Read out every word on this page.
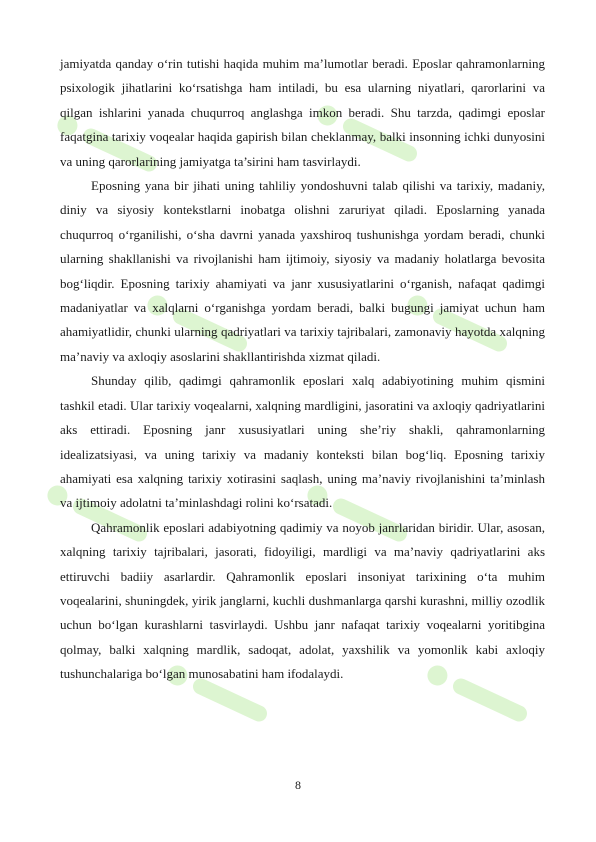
jamiyatda qanday o‘rin tutishi haqida muhim ma’lumotlar beradi. Eposlar qahramonlarning psixologik jihatlarini ko‘rsatishga ham intiladi, bu esa ularning niyatlari, qarorlarini va qilgan ishlarini yanada chuqurroq anglashga imkon beradi. Shu tarzda, qadimgi eposlar faqatgina tarixiy voqealar haqida gapirish bilan cheklanmay, balki insonning ichki dunyosini va uning qarorlarining jamiyatga ta’sirini ham tasvirlaydi.

Eposning yana bir jihati uning tahliliy yondoshuvni talab qilishi va tarixiy, madaniy, diniy va siyosiy kontekstlarni inobatga olishni zaruriyat qiladi. Eposlarning yanada chuqurroq o‘rganilishi, o‘sha davrni yanada yaxshiroq tushunishga yordam beradi, chunki ularning shakllanishi va rivojlanishi ham ijtimoiy, siyosiy va madaniy holatlarga bevosita bog‘liqdir. Eposning tarixiy ahamiyati va janr xususiyatlarini o‘rganish, nafaqat qadimgi madaniyatlar va xalqlarni o‘rganishga yordam beradi, balki bugungi jamiyat uchun ham ahamiyatlidir, chunki ularning qadriyatlari va tarixiy tajribalari, zamonaviy hayotda xalqning ma’naviy va axloqiy asoslarini shakllantirishda xizmat qiladi.

Shunday qilib, qadimgi qahramonlik eposlari xalq adabiyotining muhim qismini tashkil etadi. Ular tarixiy voqealarni, xalqning mardligini, jasoratini va axloqiy qadriyatlarini aks ettiradi. Eposning janr xususiyatlari uning she’riy shakli, qahramonlarning idealizatsiyasi, va uning tarixiy va madaniy konteksti bilan bog‘liq. Eposning tarixiy ahamiyati esa xalqning tarixiy xotirasini saqlash, uning ma’naviy rivojlanishini ta’minlash va ijtimoiy adolatni ta’minlashdagi rolini ko‘rsatadi.

Qahramonlik eposlari adabiyotning qadimiy va noyob janrlaridan biridir. Ular, asosan, xalqning tarixiy tajribalari, jasorati, fidoyiligi, mardligi va ma’naviy qadriyatlarini aks ettiruvchi badiiy asarlardir. Qahramonlik eposlari insoniyat tarixining o‘ta muhim voqealarini, shuningdek, yirik janglarni, kuchli dushmanlarga qarshi kurashni, milliy ozodlik uchun bo‘lgan kurashlarni tasvirlaydi. Ushbu janr nafaqat tarixiy voqealarni yoritibgina qolmay, balki xalqning mardlik, sadoqat, adolat, yaxshilik va yomonlik kabi axloqiy tushunchalariga bo‘lgan munosabatini ham ifodalaydi.

8
